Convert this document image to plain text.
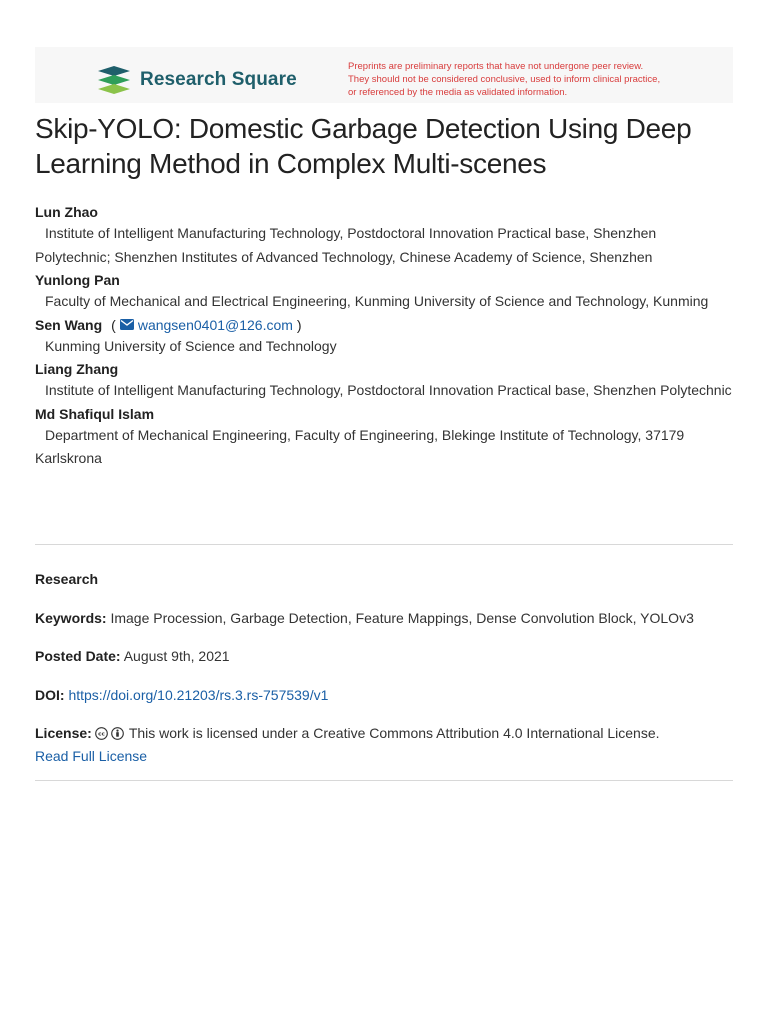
Research Square
Preprints are preliminary reports that have not undergone peer review.
They should not be considered conclusive, used to inform clinical practice,
or referenced by the media as validated information.
Skip-YOLO: Domestic Garbage Detection Using Deep Learning Method in Complex Multi-scenes
Lun Zhao
Institute of Intelligent Manufacturing Technology, Postdoctoral Innovation Practical base, Shenzhen Polytechnic; Shenzhen Institutes of Advanced Technology, Chinese Academy of Science, Shenzhen
Yunlong Pan
Faculty of Mechanical and Electrical Engineering, Kunming University of Science and Technology, Kunming
Sen Wang ( wangsen0401@126.com )
Kunming University of Science and Technology
Liang Zhang
Institute of Intelligent Manufacturing Technology, Postdoctoral Innovation Practical base, Shenzhen Polytechnic
Md Shafiqul Islam
Department of Mechanical Engineering, Faculty of Engineering, Blekinge Institute of Technology, 37179 Karlskrona
Research
Keywords: Image Procession, Garbage Detection, Feature Mappings, Dense Convolution Block, YOLOv3
Posted Date: August 9th, 2021
DOI: https://doi.org/10.21203/rs.3.rs-757539/v1
License: cc This work is licensed under a Creative Commons Attribution 4.0 International License.
Read Full License
